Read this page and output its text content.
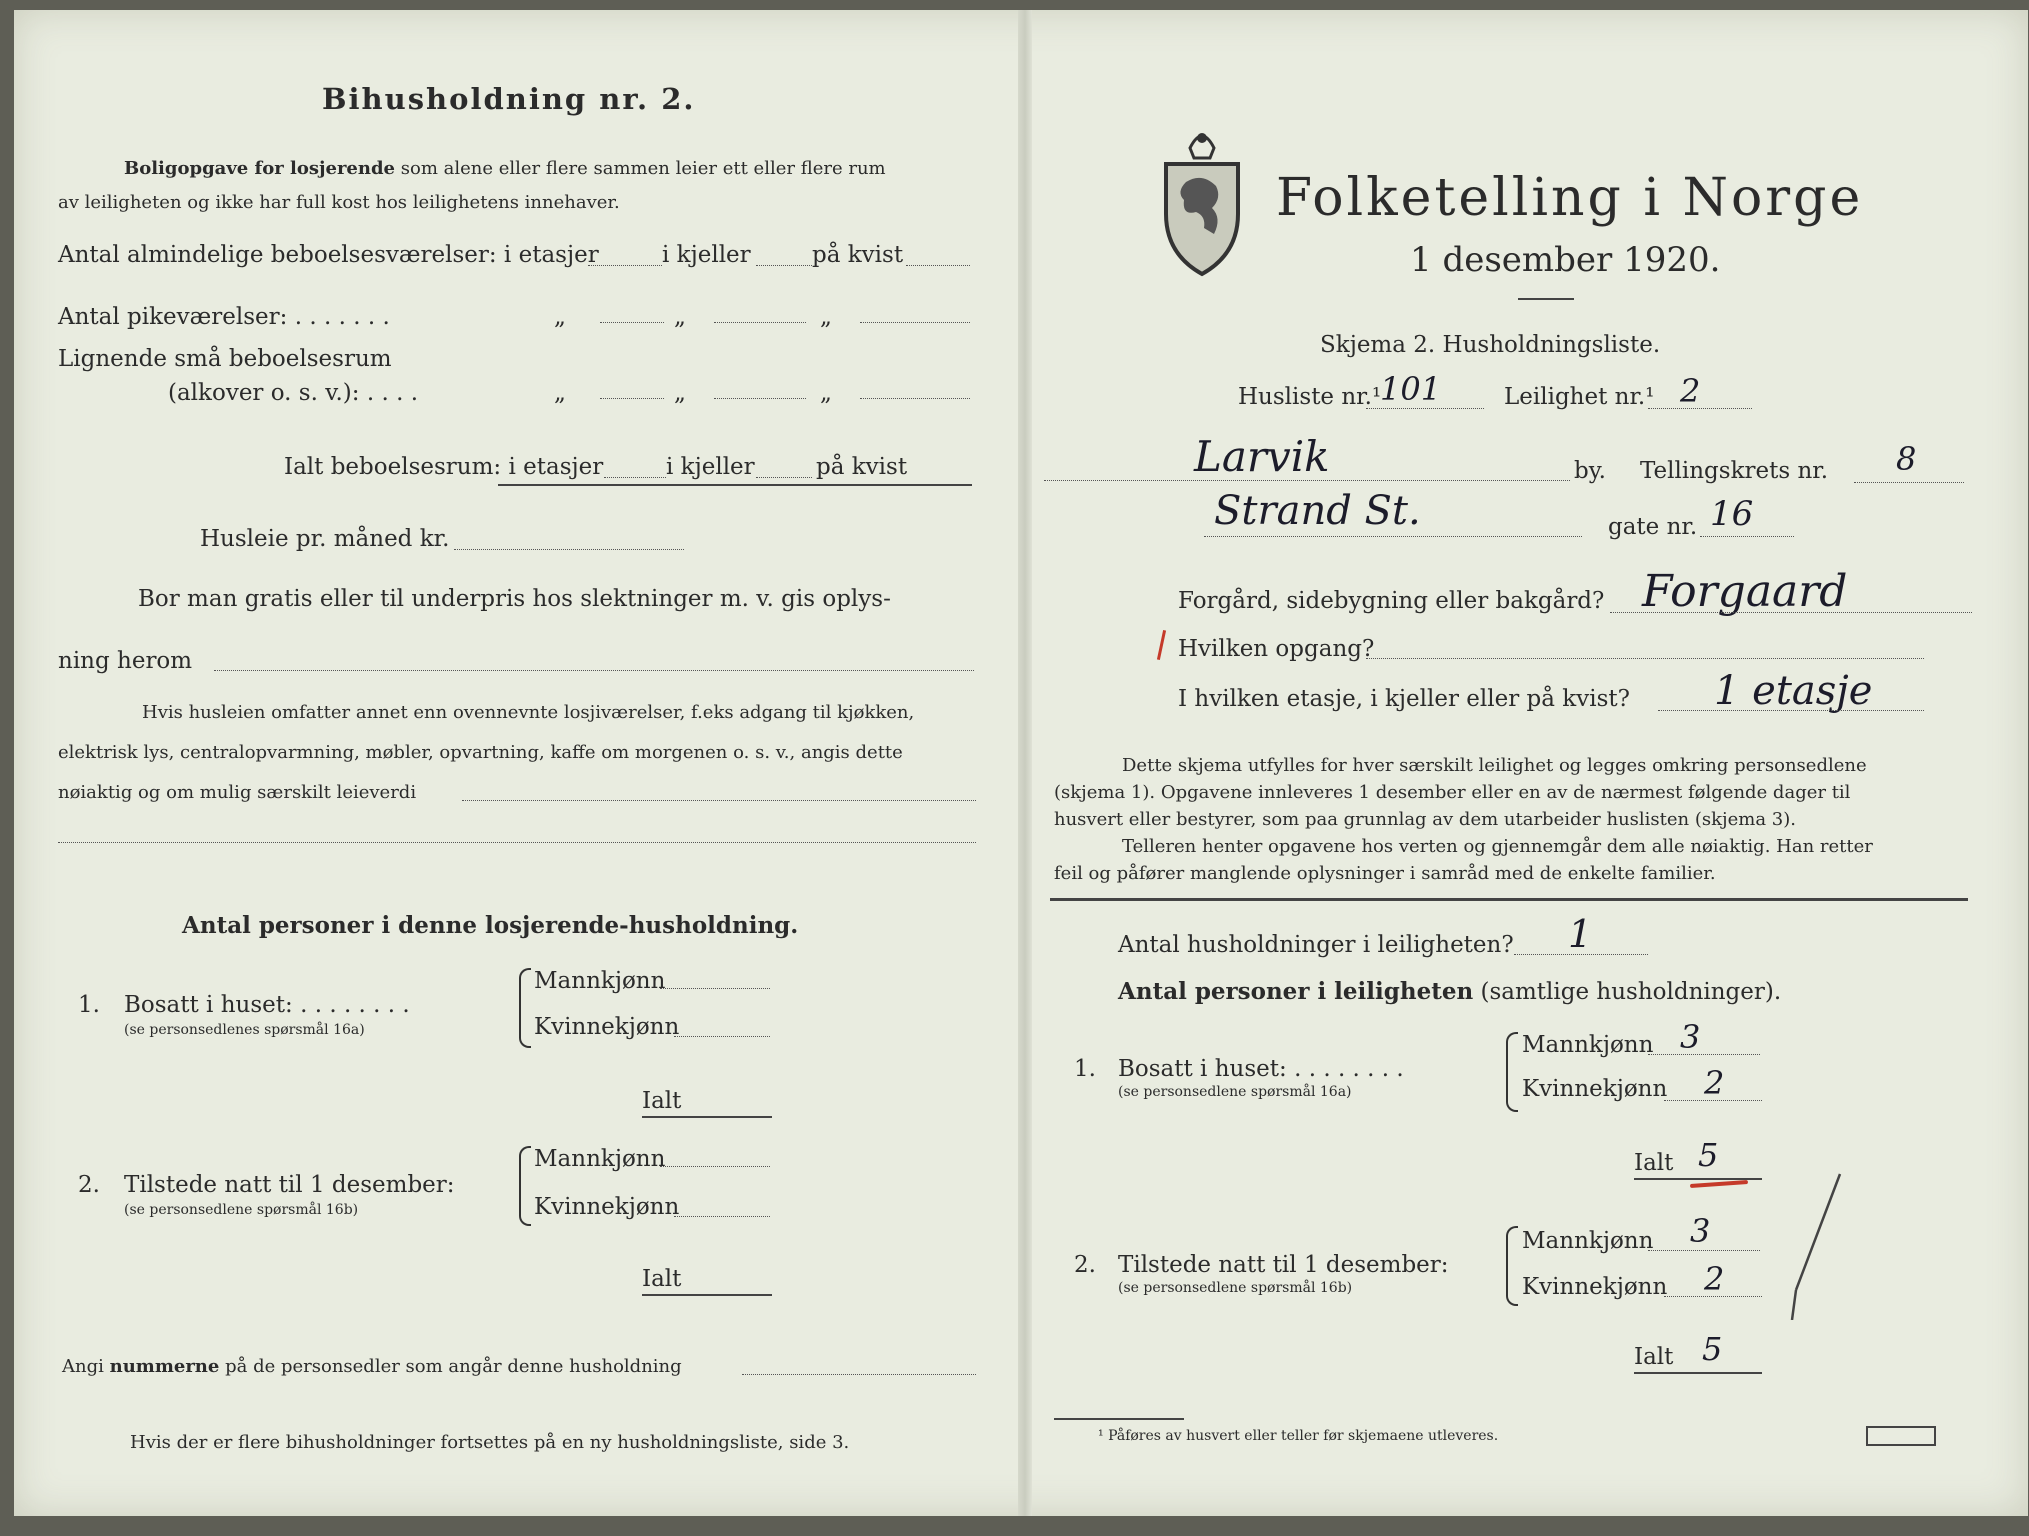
Bihusholdning nr. 2.
Boligopgave for losjerende som alene eller flere sammen leier ett eller flere rum
av leiligheten og ikke har full kost hos leilighetens innehaver.
Antal almindelige beboelsesværelser: i etasjer	i kjeller	på kvist
Antal pikeværelser: . . . . . . .	„	„	„
Lignende små beboelsesrum
(alkover o. s. v.): . . . .	„	„	„
Ialt beboelsesrum: i etasjer	i kjeller	på kvist
Husleie pr. måned kr.
Bor man gratis eller til underpris hos slektninger m. v. gis oplys-
ning herom
Hvis husleien omfatter annet enn ovennevnte losjiværelser, f.eks adgang til kjøkken,
elektrisk lys, centralopvarmning, møbler, opvartning, kaffe om morgenen o. s. v., angis dette
nøiaktig og om mulig særskilt leieverdi
Antal personer i denne losjerende-husholdning.
1. Bosatt i huset: . . . . . . . .
(se personsedlenes spørsmål 16a)
Mannkjønn
Kvinnekjønn
Ialt
2. Tilstede natt til 1 desember:
(se personsedlene spørsmål 16b)
Mannkjønn
Kvinnekjønn
Ialt
Angi nummerne på de personsedler som angår denne husholdning
Hvis der er flere bihusholdninger fortsettes på en ny husholdningsliste, side 3.
Folketelling i Norge
1 desember 1920.
Skjema 2. Husholdningsliste.
Husliste nr.¹
101	Leilighet nr.¹ 2
Larvik	by. Tellingskrets nr. 8
Strand St.	gate nr. 16
Forgård, sidebygning eller bakgård? Forgaard
Hvilken opgang?
I hvilken etasje, i kjeller eller på kvist? 1 etasje
Dette skjema utfylles for hver særskilt leilighet og legges omkring personsedlene
(skjema 1). Opgavene innleveres 1 desember eller en av de nærmest følgende dager til
husvert eller bestyrer, som paa grunnlag av dem utarbeider huslisten (skjema 3).
Telleren henter opgavene hos verten og gjennemgår dem alle nøiaktig. Han retter
feil og påfører manglende oplysninger i samråd med de enkelte familier.
Antal husholdninger i leiligheten? 1
Antal personer i leiligheten (samtlige husholdninger).
1. Bosatt i huset: . . . . . . . .
(se personsedlene spørsmål 16a)
Mannkjønn 3
Kvinnekjønn 2
Ialt 5
2. Tilstede natt til 1 desember:
(se personsedlene spørsmål 16b)
Mannkjønn 3
Kvinnekjønn 2
Ialt 5
¹ Påføres av husvert eller teller før skjemaene utleveres.
